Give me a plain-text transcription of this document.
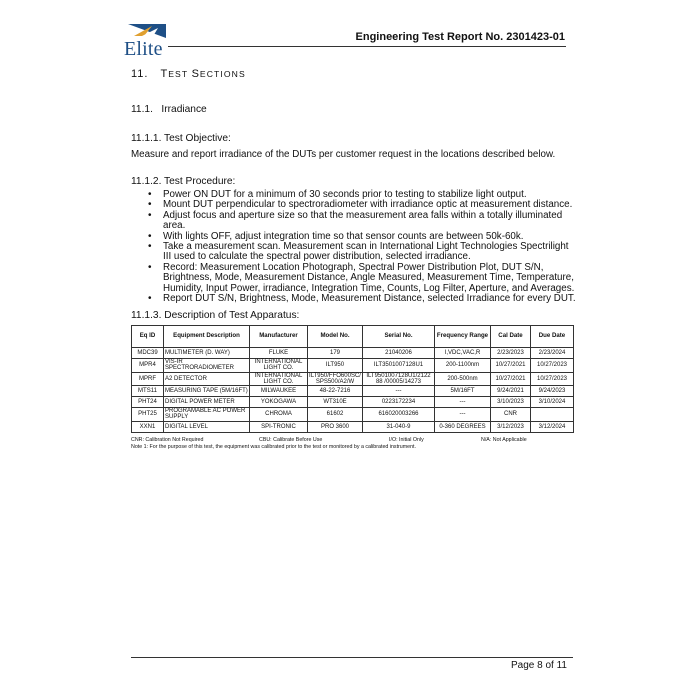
Elite
Engineering Test Report No. 2301423-01
11. TEST SECTIONS
11.1. Irradiance
11.1.1. Test Objective:
Measure and report irradiance of the DUTs per customer request in the locations described below.
11.1.2. Test Procedure:
• Power ON DUT for a minimum of 30 seconds prior to testing to stabilize light output.
• Mount DUT perpendicular to spectroradiometer with irradiance optic at measurement distance.
• Adjust focus and aperture size so that the measurement area falls within a totally illuminated area.
• With lights OFF, adjust integration time so that sensor counts are between 50k-60k.
• Take a measurement scan. Measurement scan in International Light Technologies Spectrilight III used to calculate the spectral power distribution, selected irradiance.
• Record: Measurement Location Photograph, Spectral Power Distribution Plot, DUT S/N, Brightness, Mode, Measurement Distance, Angle Measured, Measurement Time, Temperature, Humidity, Input Power, irradiance, Integration Time, Counts, Log Filter, Aperture, and Averages.
• Report DUT S/N, Brightness, Mode, Measurement Distance, selected Irradiance for every DUT.
11.1.3. Description of Test Apparatus:
Eq ID	Equipment Description	Manufacturer	Model No.	Serial No.	Frequency Range	Cal Date	Due Date
MDC39	MULTIMETER (D. WAY)	FLUKE	179	21040206	I,VDC,VAC,R	2/23/2023	2/23/2024
MPR4	VIS-IR SPECTRORADIOMETER	INTERNATIONAL LIGHT CO.	ILT950	ILT3501007128U1	200-1100nm	10/27/2021	10/27/2023
MPRF	A2 DETECTOR	INTERNATIONAL LIGHT CO.	ILT950/FFO600SC/ SPS500/A2/W	ILT9501007128U1/2122 88 /00005/14273	200-500nm	10/27/2021	10/27/2023
MTS11	MEASURING TAPE (5M/16FT)	MILWAUKEE	48-22-7216	---	5M/16FT	9/24/2021	9/24/2023
PHT24	DIGITAL POWER METER	YOKOGAWA	WT310E	0223172234	---	3/10/2023	3/10/2024
PHT25	PROGRAMABLE AC POWER SUPPLY	CHROMA	61602	616020003266	---	CNR	
XXN1	DIGITAL LEVEL	SPI-TRONIC	PRO 3600	31-040-9	0-360 DEGREES	3/12/2023	3/12/2024
CNR: Calibration Not Required	CBU: Calibrate Before Use	I/O: Initial Only	N/A: Not Applicable
Note 1: For the purpose of this test, the equipment was calibrated prior to the test or monitored by a calibrated instrument.
Page 8 of 11
